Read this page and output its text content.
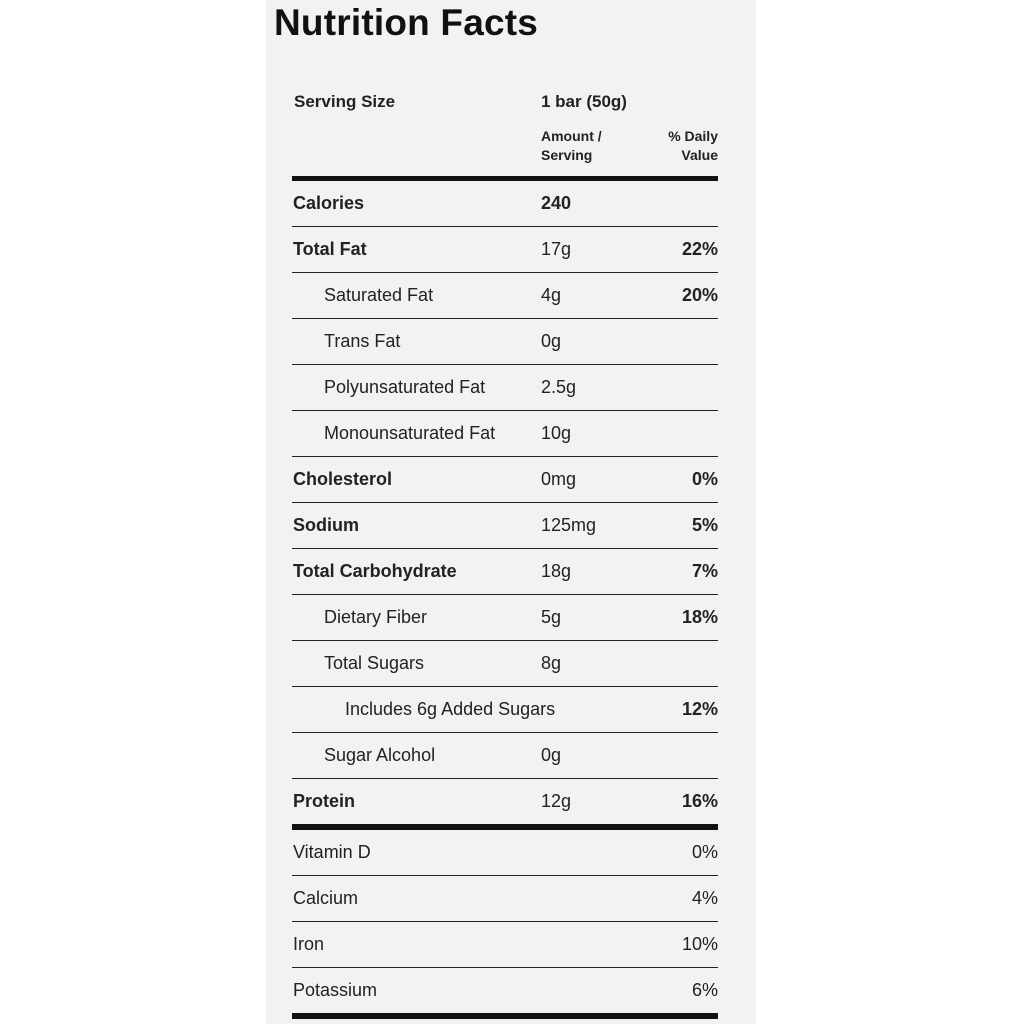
Nutrition Facts
Serving Size	1 bar (50g)
Amount /
Serving
% Daily
Value
Calories	240
Total Fat	17g	22%
Saturated Fat	4g	20%
Trans Fat	0g
Polyunsaturated Fat	2.5g
Monounsaturated Fat	10g
Cholesterol	0mg	0%
Sodium	125mg	5%
Total Carbohydrate	18g	7%
Dietary Fiber	5g	18%
Total Sugars	8g
Includes 6g Added Sugars	12%
Sugar Alcohol	0g
Protein	12g	16%
Vitamin D	0%
Calcium	4%
Iron	10%
Potassium	6%
